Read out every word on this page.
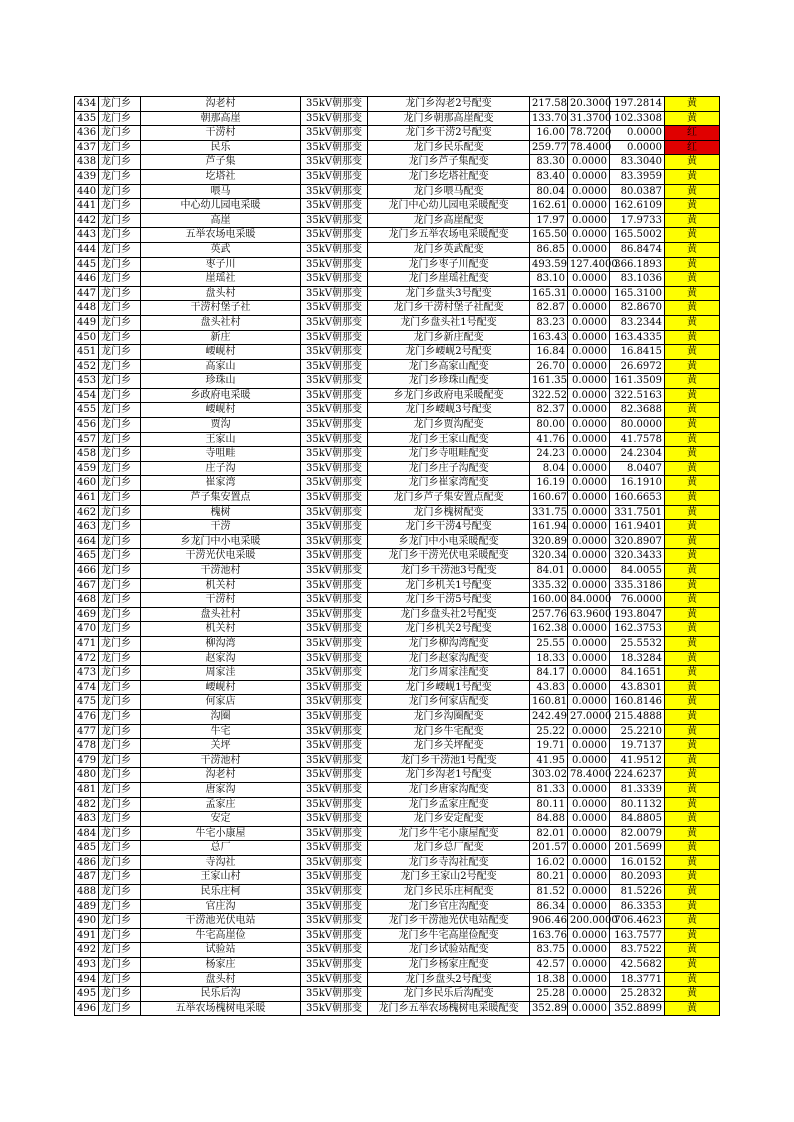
434	龙门乡	沟老村	35kV朝那变	龙门乡沟老2号配变	217.58	20.3000	197.2814	黄
435	龙门乡	朝那高崖	35kV朝那变	龙门乡朝那高崖配变	133.70	31.3700	102.3308	黄
436	龙门乡	干涝村	35kV朝那变	龙门乡干涝2号配变	16.00	78.7200	0.0000	红
437	龙门乡	民乐	35kV朝那变	龙门乡民乐配变	259.77	78.4000	0.0000	红
438	龙门乡	芦子集	35kV朝那变	龙门乡芦子集配变	83.30	0.0000	83.3040	黄
439	龙门乡	圪塔社	35kV朝那变	龙门乡圪塔社配变	83.40	0.0000	83.3959	黄
440	龙门乡	喂马	35kV朝那变	龙门乡喂马配变	80.04	0.0000	80.0387	黄
441	龙门乡	中心幼儿园电采暖	35kV朝那变	龙门中心幼儿园电采暖配变	162.61	0.0000	162.6109	黄
442	龙门乡	高崖	35kV朝那变	龙门乡高崖配变	17.97	0.0000	17.9733	黄
443	龙门乡	五举农场电采暖	35kV朝那变	龙门乡五举农场电采暖配变	165.50	0.0000	165.5002	黄
444	龙门乡	英武	35kV朝那变	龙门乡英武配变	86.85	0.0000	86.8474	黄
445	龙门乡	枣子川	35kV朝那变	龙门乡枣子川配变	493.59	127.4000	366.1893	黄
446	龙门乡	崖瑶社	35kV朝那变	龙门乡崖瑶社配变	83.10	0.0000	83.1036	黄
447	龙门乡	盘头村	35kV朝那变	龙门乡盘头3号配变	165.31	0.0000	165.3100	黄
448	龙门乡	干涝村堡子社	35kV朝那变	龙门乡干涝村堡子社配变	82.87	0.0000	82.8670	黄
449	龙门乡	盘头社村	35kV朝那变	龙门乡盘头社1号配变	83.23	0.0000	83.2344	黄
450	龙门乡	新庄	35kV朝那变	龙门乡新庄配变	163.43	0.0000	163.4335	黄
451	龙门乡	崾岘村	35kV朝那变	龙门乡崾岘2号配变	16.84	0.0000	16.8415	黄
452	龙门乡	高家山	35kV朝那变	龙门乡高家山配变	26.70	0.0000	26.6972	黄
453	龙门乡	珍珠山	35kV朝那变	龙门乡珍珠山配变	161.35	0.0000	161.3509	黄
454	龙门乡	乡政府电采暖	35kV朝那变	乡龙门乡政府电采暖配变	322.52	0.0000	322.5163	黄
455	龙门乡	崾岘村	35kV朝那变	龙门乡崾岘3号配变	82.37	0.0000	82.3688	黄
456	龙门乡	贾沟	35kV朝那变	龙门乡贾沟配变	80.00	0.0000	80.0000	黄
457	龙门乡	王家山	35kV朝那变	龙门乡王家山配变	41.76	0.0000	41.7578	黄
458	龙门乡	寺咀畦	35kV朝那变	龙门乡寺咀畦配变	24.23	0.0000	24.2304	黄
459	龙门乡	庄子沟	35kV朝那变	龙门乡庄子沟配变	8.04	0.0000	8.0407	黄
460	龙门乡	崔家湾	35kV朝那变	龙门乡崔家湾配变	16.19	0.0000	16.1910	黄
461	龙门乡	芦子集安置点	35kV朝那变	龙门乡芦子集安置点配变	160.67	0.0000	160.6653	黄
462	龙门乡	槐树	35kV朝那变	龙门乡槐树配变	331.75	0.0000	331.7501	黄
463	龙门乡	干涝	35kV朝那变	龙门乡干涝4号配变	161.94	0.0000	161.9401	黄
464	龙门乡	乡龙门中小电采暖	35kV朝那变	乡龙门中小电采暖配变	320.89	0.0000	320.8907	黄
465	龙门乡	干涝光伏电采暖	35kV朝那变	龙门乡干涝光伏电采暖配变	320.34	0.0000	320.3433	黄
466	龙门乡	干涝池村	35kV朝那变	龙门乡干涝池3号配变	84.01	0.0000	84.0055	黄
467	龙门乡	机关村	35kV朝那变	龙门乡机关1号配变	335.32	0.0000	335.3186	黄
468	龙门乡	干涝村	35kV朝那变	龙门乡干涝5号配变	160.00	84.0000	76.0000	黄
469	龙门乡	盘头社村	35kV朝那变	龙门乡盘头社2号配变	257.76	63.9600	193.8047	黄
470	龙门乡	机关村	35kV朝那变	龙门乡机关2号配变	162.38	0.0000	162.3753	黄
471	龙门乡	柳沟湾	35kV朝那变	龙门乡柳沟湾配变	25.55	0.0000	25.5532	黄
472	龙门乡	赵家沟	35kV朝那变	龙门乡赵家沟配变	18.33	0.0000	18.3284	黄
473	龙门乡	周家洼	35kV朝那变	龙门乡周家洼配变	84.17	0.0000	84.1651	黄
474	龙门乡	崾岘村	35kV朝那变	龙门乡崾岘1号配变	43.83	0.0000	43.8301	黄
475	龙门乡	何家店	35kV朝那变	龙门乡何家店配变	160.81	0.0000	160.8146	黄
476	龙门乡	沟圈	35kV朝那变	龙门乡沟圈配变	242.49	27.0000	215.4888	黄
477	龙门乡	牛宅	35kV朝那变	龙门乡牛宅配变	25.22	0.0000	25.2210	黄
478	龙门乡	关坪	35kV朝那变	龙门乡关坪配变	19.71	0.0000	19.7137	黄
479	龙门乡	干涝池村	35kV朝那变	龙门乡干涝池1号配变	41.95	0.0000	41.9512	黄
480	龙门乡	沟老村	35kV朝那变	龙门乡沟老1号配变	303.02	78.4000	224.6237	黄
481	龙门乡	唐家沟	35kV朝那变	龙门乡唐家沟配变	81.33	0.0000	81.3339	黄
482	龙门乡	孟家庄	35kV朝那变	龙门乡孟家庄配变	80.11	0.0000	80.1132	黄
483	龙门乡	安定	35kV朝那变	龙门乡安定配变	84.88	0.0000	84.8805	黄
484	龙门乡	牛宅小康屋	35kV朝那变	龙门乡牛宅小康屋配变	82.01	0.0000	82.0079	黄
485	龙门乡	总厂	35kV朝那变	龙门乡总厂配变	201.57	0.0000	201.5699	黄
486	龙门乡	寺沟社	35kV朝那变	龙门乡寺沟社配变	16.02	0.0000	16.0152	黄
487	龙门乡	王家山村	35kV朝那变	龙门乡王家山2号配变	80.21	0.0000	80.2093	黄
488	龙门乡	民乐庄柯	35kV朝那变	龙门乡民乐庄柯配变	81.52	0.0000	81.5226	黄
489	龙门乡	官庄沟	35kV朝那变	龙门乡官庄沟配变	86.34	0.0000	86.3353	黄
490	龙门乡	干涝池光伏电站	35kV朝那变	龙门乡干涝池光伏电站配变	906.46	200.0000	706.4623	黄
491	龙门乡	牛宅高崖俭	35kV朝那变	龙门乡牛宅高崖俭配变	163.76	0.0000	163.7577	黄
492	龙门乡	试验站	35kV朝那变	龙门乡试验站配变	83.75	0.0000	83.7522	黄
493	龙门乡	杨家庄	35kV朝那变	龙门乡杨家庄配变	42.57	0.0000	42.5682	黄
494	龙门乡	盘头村	35kV朝那变	龙门乡盘头2号配变	18.38	0.0000	18.3771	黄
495	龙门乡	民乐后沟	35kV朝那变	龙门乡民乐后沟配变	25.28	0.0000	25.2832	黄
496	龙门乡	五举农场槐树电采暖	35kV朝那变	龙门乡五举农场槐树电采暖配变	352.89	0.0000	352.8899	黄
